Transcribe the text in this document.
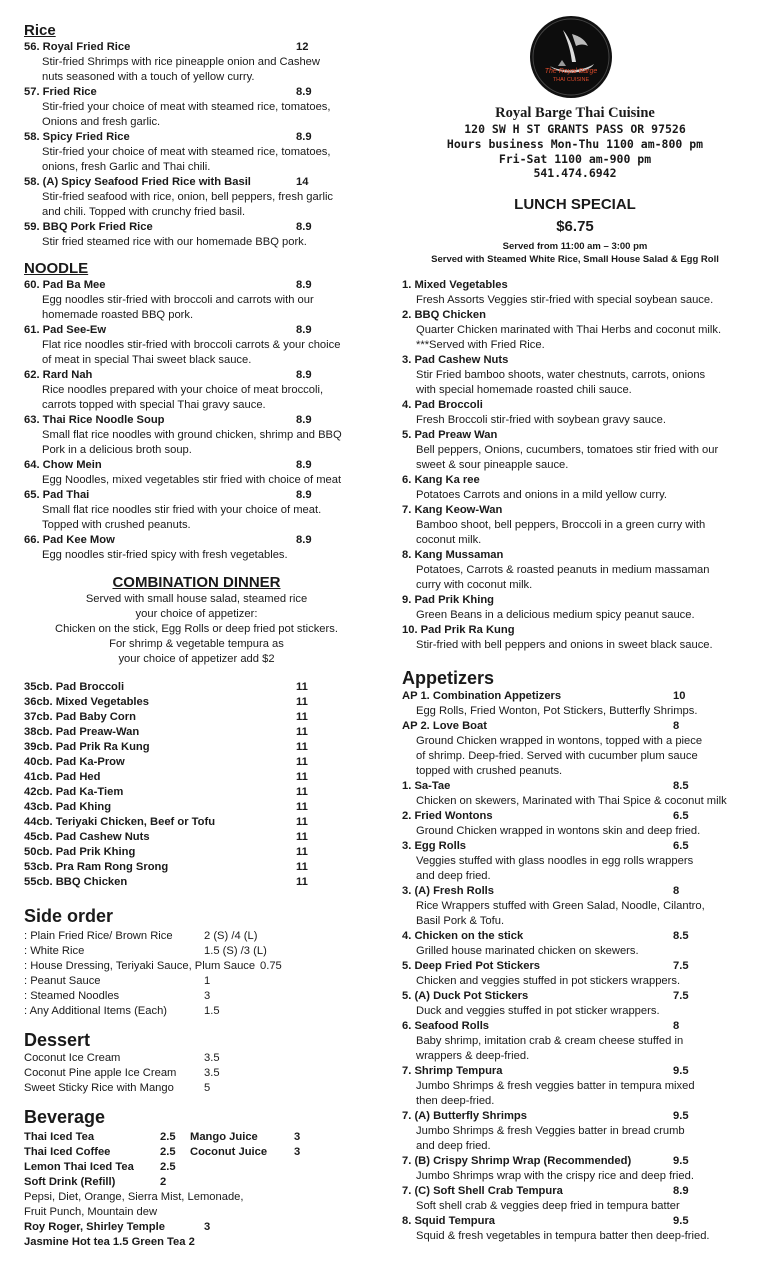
Rice
56. Royal Fried Rice	12
Stir-fried Shrimps with rice pineapple onion and Cashew
nuts seasoned with a touch of yellow curry.
57. Fried Rice	8.9
Stir-fried your choice of meat with steamed rice, tomatoes,
Onions and fresh garlic.
58. Spicy Fried Rice	8.9
Stir-fried your choice of meat with steamed rice, tomatoes,
onions, fresh Garlic and Thai chili.
58. (A) Spicy Seafood Fried Rice with Basil	14
Stir-fried seafood with rice, onion, bell peppers, fresh garlic
and chili. Topped with crunchy fried basil.
59. BBQ Pork Fried Rice	8.9
Stir fried steamed rice with our homemade BBQ pork.
NOODLE
60. Pad Ba Mee	8.9
Egg noodles stir-fried with broccoli and carrots with our
homemade roasted BBQ pork.
61. Pad See-Ew	8.9
Flat rice noodles stir-fried with broccoli carrots & your choice
of meat in special Thai sweet black sauce.
62. Rard Nah	8.9
Rice noodles prepared with your choice of meat broccoli,
carrots topped with special Thai gravy sauce.
63. Thai Rice Noodle Soup	8.9
Small flat rice noodles with ground chicken, shrimp and BBQ
Pork in a delicious broth soup.
64. Chow Mein	8.9
Egg Noodles, mixed vegetables stir fried with choice of meat
65. Pad Thai	8.9
Small flat rice noodles stir fried with your choice of meat.
Topped with crushed peanuts.
66. Pad Kee Mow	8.9
Egg noodles stir-fried spicy with fresh vegetables.
COMBINATION DINNER
Served with small house salad, steamed rice
your choice of appetizer:
Chicken on the stick, Egg Rolls or deep fried pot stickers.
For shrimp & vegetable tempura as
your choice of appetizer add $2
35cb. Pad Broccoli	11
36cb. Mixed Vegetables	11
37cb. Pad Baby Corn	11
38cb. Pad Preaw-Wan	11
39cb. Pad Prik Ra Kung	11
40cb. Pad Ka-Prow	11
41cb. Pad Hed	11
42cb. Pad Ka-Tiem	11
43cb. Pad Khing	11
44cb. Teriyaki Chicken, Beef or Tofu	11
45cb. Pad Cashew Nuts	11
50cb. Pad Prik Khing	11
53cb. Pra Ram Rong Srong	11
55cb. BBQ Chicken	11
Side order
: Plain Fried Rice/ Brown Rice	2 (S) /4 (L)
: White Rice	1.5 (S) /3 (L)
: House Dressing, Teriyaki Sauce, Plum Sauce 0.75
: Peanut Sauce	1
: Steamed Noodles	3
: Any Additional Items (Each)	1.5
Dessert
Coconut Ice Cream	3.5
Coconut Pine apple Ice Cream 3.5
Sweet Sticky Rice with Mango	5
Beverage
Thai Iced Tea	2.5 Mango Juice	3
Thai Iced Coffee	2.5 Coconut Juice 3
Lemon Thai Iced Tea 2.5
Soft Drink (Refill)	2
Pepsi, Diet, Orange, Sierra Mist, Lemonade,
Fruit Punch, Mountain dew
Roy Roger, Shirley Temple	3
Jasmine Hot tea 1.5 Green Tea 2
The Royal Barge
THAI CUISINE
Royal Barge Thai Cuisine
120 SW H ST GRANTS PASS OR 97526
Hours business Mon-Thu 1100 am-800 pm
Fri-Sat 1100 am-900 pm
541.474.6942
LUNCH SPECIAL
$6.75
Served from 11:00 am – 3:00 pm
Served with Steamed White Rice, Small House Salad & Egg Roll
1. Mixed Vegetables
Fresh Assorts Veggies stir-fried with special soybean sauce.
2. BBQ Chicken
Quarter Chicken marinated with Thai Herbs and coconut milk.
***Served with Fried Rice.
3. Pad Cashew Nuts
Stir Fried bamboo shoots, water chestnuts, carrots, onions
with special homemade roasted chili sauce.
4. Pad Broccoli
Fresh Broccoli stir-fried with soybean gravy sauce.
5. Pad Preaw Wan
Bell peppers, Onions, cucumbers, tomatoes stir fried with our
sweet & sour pineapple sauce.
6. Kang Ka ree
Potatoes Carrots and onions in a mild yellow curry.
7. Kang Keow-Wan
Bamboo shoot, bell peppers, Broccoli in a green curry with
coconut milk.
8. Kang Mussaman
Potatoes, Carrots & roasted peanuts in medium massaman
curry with coconut milk.
9. Pad Prik Khing
Green Beans in a delicious medium spicy peanut sauce.
10. Pad Prik Ra Kung
Stir-fried with bell peppers and onions in sweet black sauce.
Appetizers
AP 1. Combination Appetizers	10
Egg Rolls, Fried Wonton, Pot Stickers, Butterfly Shrimps.
AP 2. Love Boat	8
Ground Chicken wrapped in wontons, topped with a piece
of shrimp. Deep-fried. Served with cucumber plum sauce
topped with crushed peanuts.
1. Sa-Tae	8.5
Chicken on skewers, Marinated with Thai Spice & coconut milk
2. Fried Wontons	6.5
Ground Chicken wrapped in wontons skin and deep fried.
3. Egg Rolls	6.5
Veggies stuffed with glass noodles in egg rolls wrappers
and deep fried.
3. (A) Fresh Rolls	8
Rice Wrappers stuffed with Green Salad, Noodle, Cilantro,
Basil Pork & Tofu.
4. Chicken on the stick	8.5
Grilled house marinated chicken on skewers.
5. Deep Fried Pot Stickers	7.5
Chicken and veggies stuffed in pot stickers wrappers.
5. (A) Duck Pot Stickers	7.5
Duck and veggies stuffed in pot sticker wrappers.
6. Seafood Rolls	8
Baby shrimp, imitation crab & cream cheese stuffed in
wrappers & deep-fried.
7. Shrimp Tempura	9.5
Jumbo Shrimps & fresh veggies batter in tempura mixed
then deep-fried.
7. (A) Butterfly Shrimps	9.5
Jumbo Shrimps & fresh Veggies batter in bread crumb
and deep fried.
7. (B) Crispy Shrimp Wrap (Recommended)	9.5
Jumbo Shrimps wrap with the crispy rice and deep fried.
7. (C) Soft Shell Crab Tempura	8.9
Soft shell crab & veggies deep fried in tempura batter
8. Squid Tempura	9.5
Squid & fresh vegetables in tempura batter then deep-fried.
